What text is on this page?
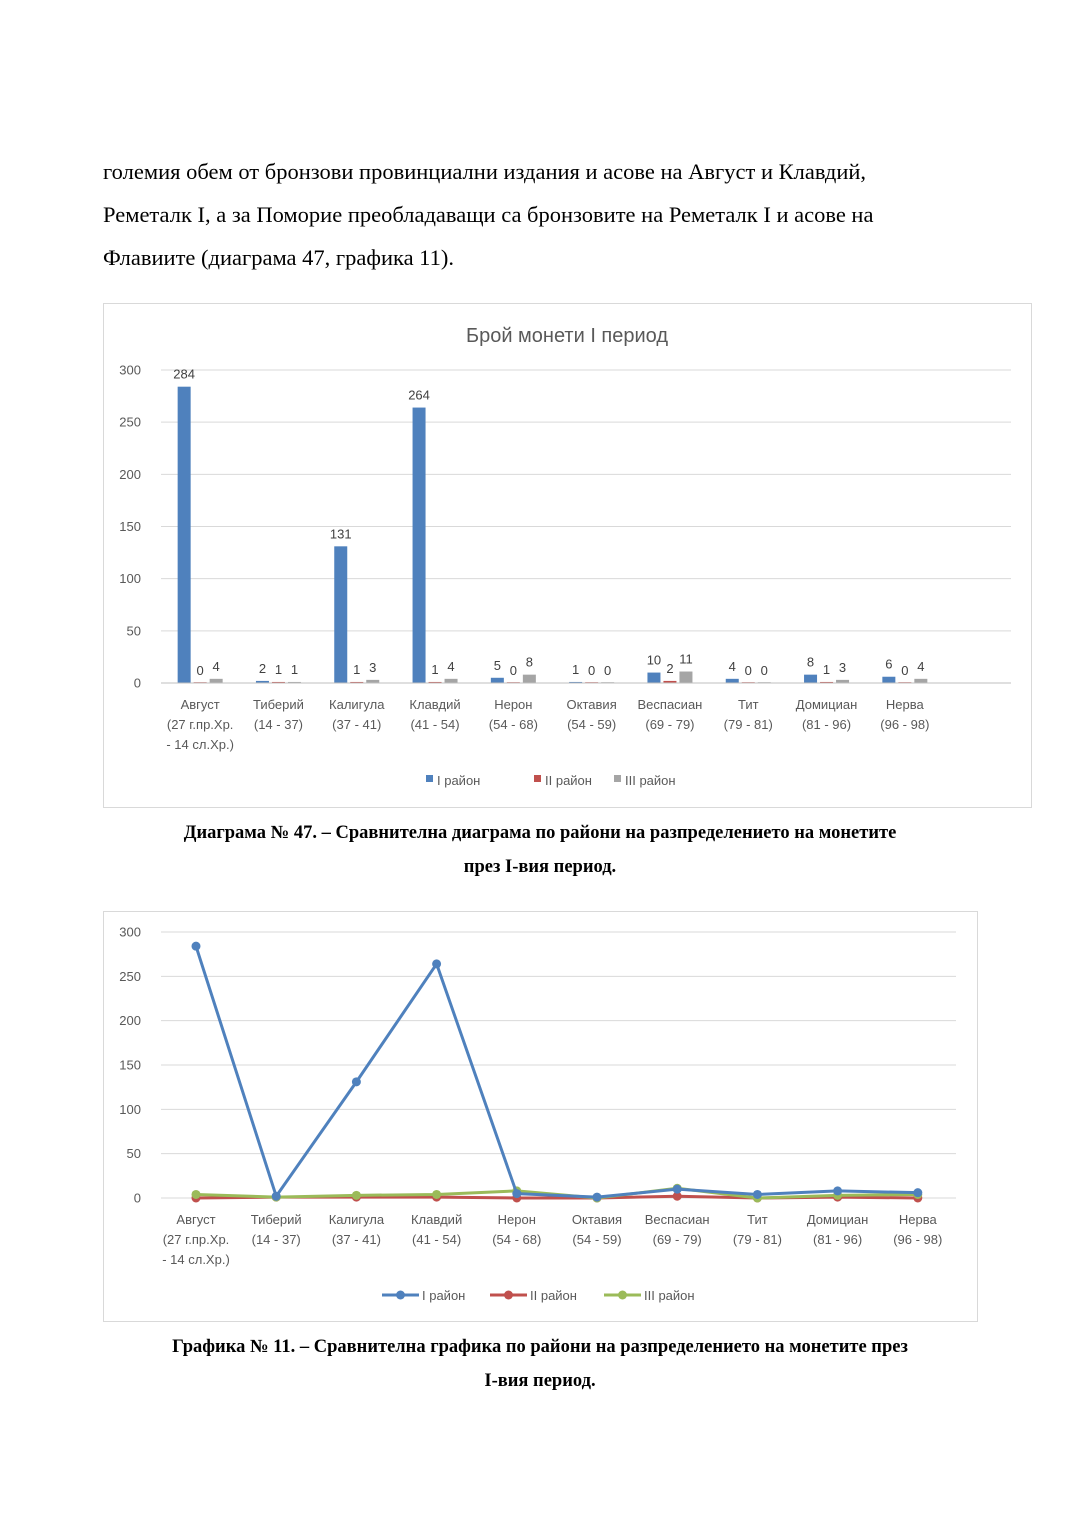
големия обем от бронзови провинциални издания и асове на Август и Клавдий,
Реметалк I, а за Поморие преобладаващи са бронзовите на Реметалк I и асове на
Флавиите (диаграма 47, графика 11).

0
50
100
150
200
250
300 284
2
131
264
5	1
10	4	8	6
0	1	1	1	0	0	2	0	1	0
4	1	3	4	8
0
11
0	3	4
Брой монети I период
Август
(27 г.пр.Хр.
- 14 сл.Хр.)
Тиберий
(14 - 37)
Калигула
(37 - 41)
Клавдий
(41 - 54)
Нерон
(54 - 68)
Октавия
(54 - 59)
Веспасиан
(69 - 79)
Тит
(79 - 81)
Домициан
(81 - 96)
Нерва
(96 - 98)
I район	II район	III район

Диаграма № 47. – Сравнителна диаграма по райони на разпределението на монетите
през I-вия период.

0
50
100
150
200
250
300
Август
(27 г.пр.Хр.
- 14 сл.Хр.)
Тиберий
(14 - 37)
Калигула
(37 - 41)
Клавдий
(41 - 54)
Нерон
(54 - 68)
Октавия
(54 - 59)
Веспасиан
(69 - 79)
Тит
(79 - 81)
Домициан
(81 - 96)
Нерва
(96 - 98)
I район	II район	III район

Графика № 11. – Сравнителна графика по райони на разпределението на монетите през
I-вия период.
